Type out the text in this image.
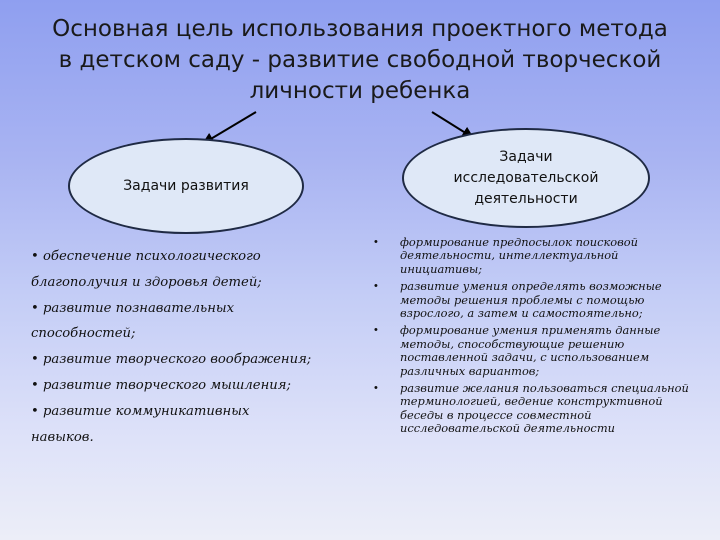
Основная цель использования проектного метода
в детском саду - развитие свободной творческой
личности ребенка
Задачи развития
Задачи
исследовательской
деятельности
• обеспечение психологического
благополучия и здоровья детей;
• развитие познавательных
способностей;
• развитие творческого воображения;
• развитие творческого мышления;
• развитие коммуникативных
навыков.
• формирование предпосылок поисковой деятельности, интеллектуальной инициативы;
• развитие умения определять возможные методы решения проблемы с помощью взрослого, а затем и самостоятельно;
• формирование умения применять данные методы, способствующие решению поставленной задачи, с использованием различных вариантов;
• развитие желания пользоваться специальной терминологией, ведение конструктивной беседы в процессе совместной исследовательской деятельности
